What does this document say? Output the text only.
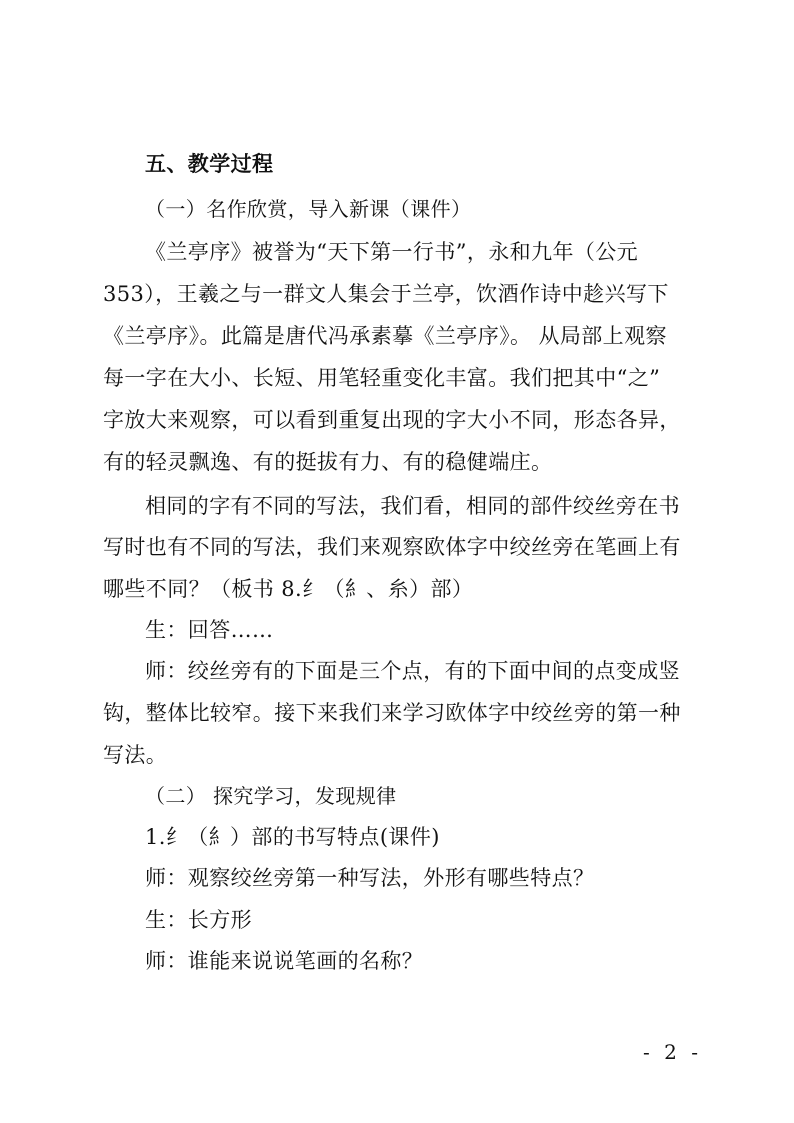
五、教学过程
（一）名作欣赏，导入新课（课件）
《兰亭序》被誉为“天下第一行书”，永和九年（公元
353），王羲之与一群文人集会于兰亭，饮酒作诗中趁兴写下
《兰亭序》。此篇是唐代冯承素摹《兰亭序》。 从局部上观察
每一字在大小、长短、用笔轻重变化丰富。我们把其中“之”
字放大来观察，可以看到重复出现的字大小不同，形态各异，
有的轻灵飘逸、有的挺拔有力、有的稳健端庄。
相同的字有不同的写法，我们看，相同的部件绞丝旁在书
写时也有不同的写法，我们来观察欧体字中绞丝旁在笔画上有
哪些不同？（板书 8.纟（糹、糸）部）
生：回答……
师：绞丝旁有的下面是三个点，有的下面中间的点变成竖
钩，整体比较窄。接下来我们来学习欧体字中绞丝旁的第一种
写法。
（二） 探究学习，发现规律
1.纟（糹）部的书写特点(课件)
师：观察绞丝旁第一种写法，外形有哪些特点？
生：长方形
师：谁能来说说笔画的名称？
- 2 -
